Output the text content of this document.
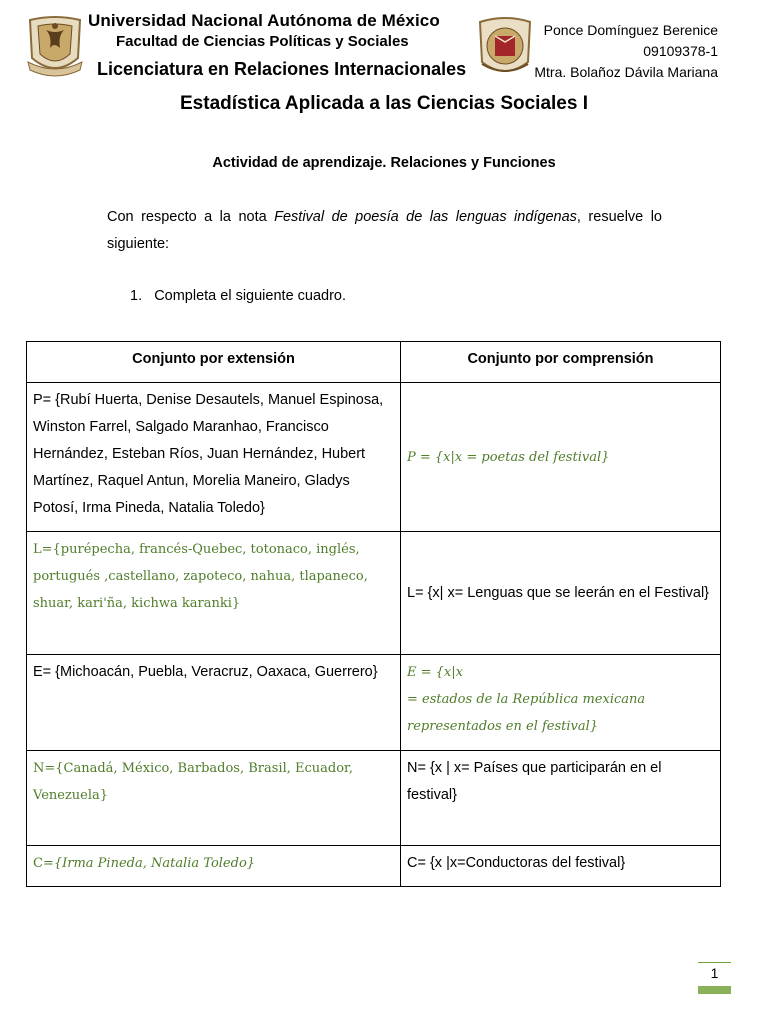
Universidad Nacional Autónoma de México
Facultad de Ciencias Políticas y Sociales
Licenciatura en Relaciones Internacionales
Ponce Domínguez Berenice
09109378-1
Mtra. Bolañoz Dávila Mariana
Estadística Aplicada a las Ciencias Sociales I
Actividad de aprendizaje. Relaciones y Funciones
Con respecto a la nota Festival de poesía de las lenguas indígenas, resuelve lo siguiente:
1. Completa el siguiente cuadro.
Conjunto por extensión	Conjunto por comprensión
P= {Rubí Huerta, Denise Desautels, Manuel Espinosa, Winston Farrel, Salgado Maranhao, Francisco Hernández, Esteban Ríos, Juan Hernández, Hubert Martínez, Raquel Antun, Morelia Maneiro, Gladys Potosí, Irma Pineda, Natalia Toledo}	P = {x|x = poetas del festival}
L={purépecha, francés-Quebec, totonaco, inglés, portugués ,castellano, zapoteco, nahua, tlapaneco, shuar, kari'ña, kichwa karanki}	L= {x| x= Lenguas que se leerán en el Festival}
E= {Michoacán, Puebla, Veracruz, Oaxaca, Guerrero}	E = {x|x
= estados de la República mexicana
representados en el festival}

N={Canadá, México, Barbados, Brasil, Ecuador, Venezuela}	N= {x | x= Países que participarán en el festival}
C={Irma Pineda, Natalia Toledo}	C= {x |x=Conductoras del festival}
1
